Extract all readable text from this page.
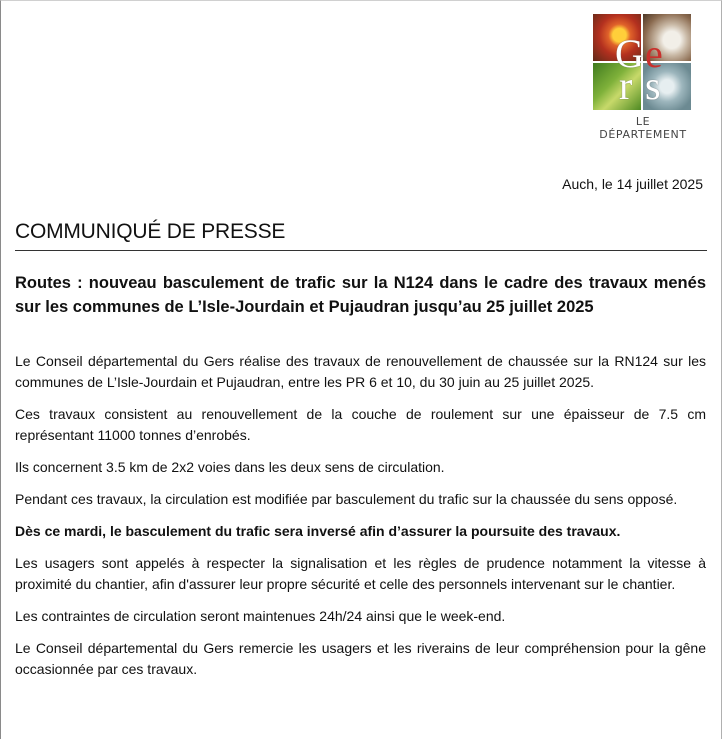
G e
r s
LE DÉPARTEMENT
Auch, le 14 juillet 2025
COMMUNIQUÉ DE PRESSE
Routes : nouveau basculement de trafic sur la N124 dans le cadre des travaux menés sur les communes de L’Isle-Jourdain et Pujaudran jusqu’au 25 juillet 2025

Le Conseil départemental du Gers réalise des travaux de renouvellement de chaussée sur la RN124 sur les communes de L’Isle-Jourdain et Pujaudran, entre les PR 6 et 10, du 30 juin au 25 juillet 2025.

Ces travaux consistent au renouvellement de la couche de roulement sur une épaisseur de 7.5 cm représentant 11000 tonnes d’enrobés.

Ils concernent 3.5 km de 2x2 voies dans les deux sens de circulation.

Pendant ces travaux, la circulation est modifiée par basculement du trafic sur la chaussée du sens opposé.

Dès ce mardi, le basculement du trafic sera inversé afin d’assurer la poursuite des travaux.

Les usagers sont appelés à respecter la signalisation et les règles de prudence notamment la vitesse à proximité du chantier, afin d'assurer leur propre sécurité et celle des personnels intervenant sur le chantier.

Les contraintes de circulation seront maintenues 24h/24 ainsi que le week-end.

Le Conseil départemental du Gers remercie les usagers et les riverains de leur compréhension pour la gêne occasionnée par ces travaux.
